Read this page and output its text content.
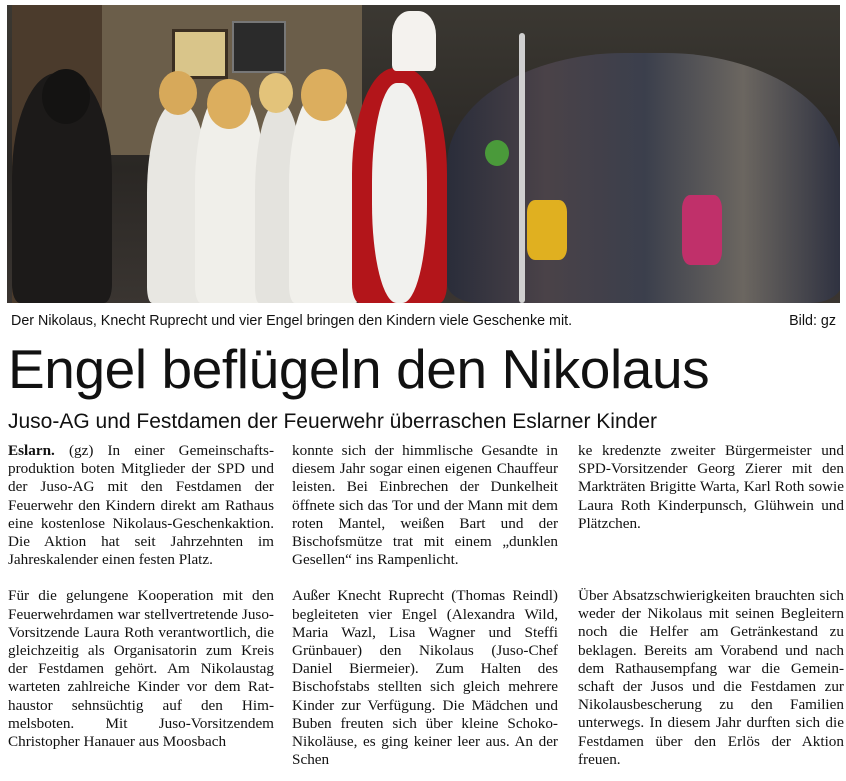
Der Nikolaus, Knecht Ruprecht und vier Engel bringen den Kindern viele Geschenke mit.	Bild: gz
Engel beflügeln den Nikolaus
Juso-AG und Festdamen der Feuerwehr überraschen Eslarner Kinder

Eslarn. (gz) In einer Gemeinschaftsproduktion boten Mitglieder der SPD und der Juso-AG mit den Festdamen der Feuerwehr den Kindern direkt am Rathaus eine kostenlose Nikolaus-Geschenkaktion. Die Aktion hat seit Jahrzehnten im Jahreskalender einen festen Platz.

Für die gelungene Kooperation mit den Feuerwehrdamen war stellvertretende Juso-Vorsitzende Laura Roth verantwortlich, die gleichzeitig als Organisatorin zum Kreis der Festdamen gehört. Am Nikolaustag warteten zahlreiche Kinder vor dem Rathaustor sehnsüchtig auf den Himmelsboten. Mit Juso-Vorsitzendem Christopher Hanauer aus Moosbach

konnte sich der himmlische Gesandte in diesem Jahr sogar einen eigenen Chauffeur leisten. Bei Einbrechen der Dunkelheit öffnete sich das Tor und der Mann mit dem roten Mantel, weißen Bart und der Bischofsmütze trat mit einem „dunklen Gesellen“ ins Rampenlicht.

Außer Knecht Ruprecht (Thomas Reindl) begleiteten vier Engel (Alexandra Wild, Maria Wazl, Lisa Wagner und Steffi Grünbauer) den Nikolaus (Juso-Chef Daniel Biermeier). Zum Halten des Bischofstabs stellten sich gleich mehrere Kinder zur Verfügung. Die Mädchen und Buben freuten sich über kleine Schoko-Nikoläuse, es ging keiner leer aus. An der Schen

ke kredenzte zweiter Bürgermeister und SPD-Vorsitzender Georg Zierer mit den Markträten Brigitte Warta, Karl Roth sowie Laura Roth Kinderpunsch, Glühwein und Plätzchen.

Über Absatzschwierigkeiten brauchten sich weder der Nikolaus mit seinen Begleitern noch die Helfer am Getränkestand zu beklagen. Bereits am Vorabend und nach dem Rathausempfang war die Gemeinschaft der Jusos und die Festdamen zur Nikolausbescherung zu den Familien unterwegs. In diesem Jahr durften sich die Festdamen über den Erlös der Aktion freuen.
